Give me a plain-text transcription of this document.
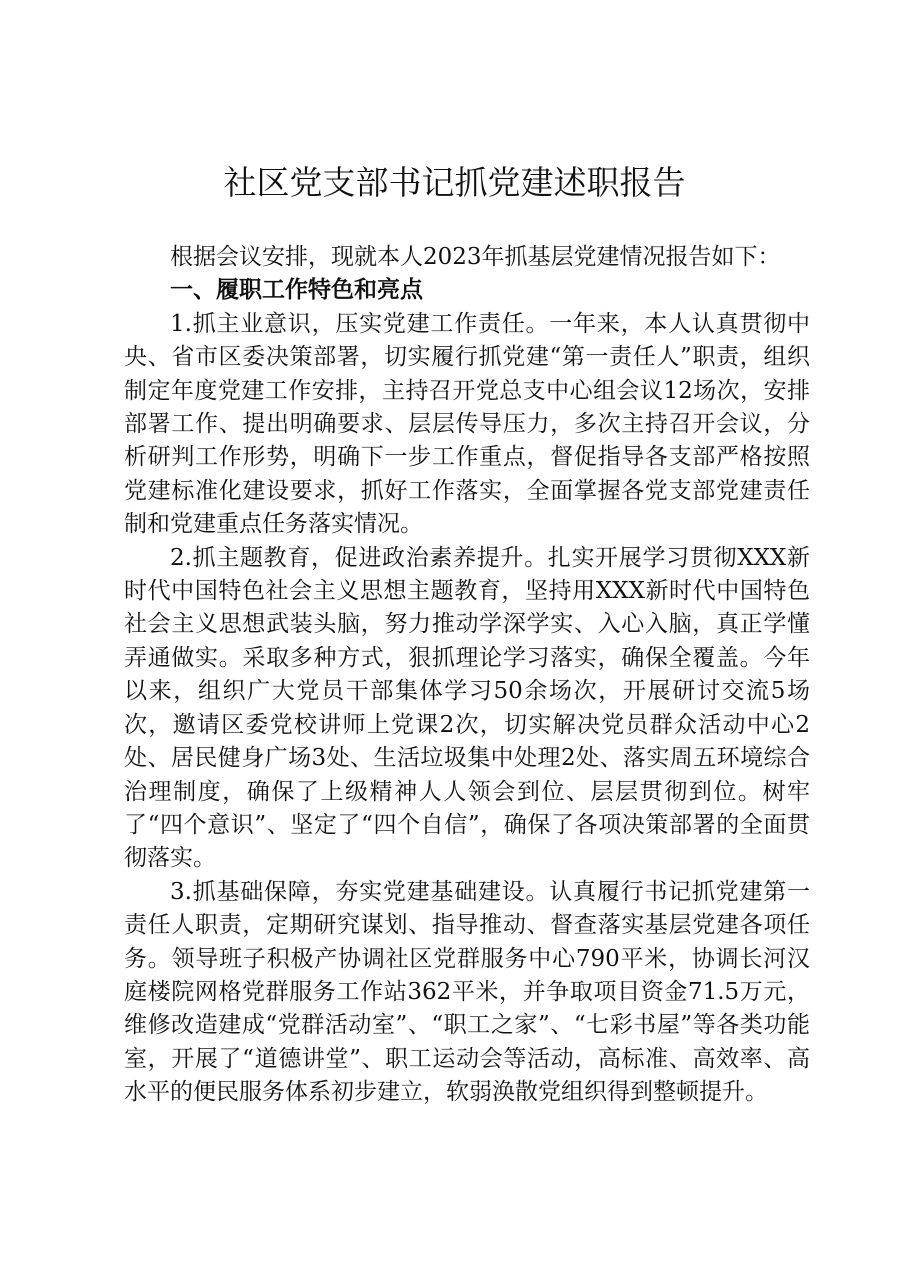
社区党支部书记抓党建述职报告

根据会议安排，现就本人2023年抓基层党建情况报告如下：

一、履职工作特色和亮点

1.抓主业意识，压实党建工作责任。一年来，本人认真贯彻中央、省市区委决策部署，切实履行抓党建“第一责任人”职责，组织制定年度党建工作安排，主持召开党总支中心组会议12场次，安排部署工作、提出明确要求、层层传导压力，多次主持召开会议，分析研判工作形势，明确下一步工作重点，督促指导各支部严格按照党建标准化建设要求，抓好工作落实，全面掌握各党支部党建责任制和党建重点任务落实情况。

2.抓主题教育，促进政治素养提升。扎实开展学习贯彻XXX新时代中国特色社会主义思想主题教育，坚持用XXX新时代中国特色社会主义思想武装头脑，努力推动学深学实、入心入脑，真正学懂弄通做实。采取多种方式，狠抓理论学习落实，确保全覆盖。今年以来，组织广大党员干部集体学习50余场次，开展研讨交流5场次，邀请区委党校讲师上党课2次，切实解决党员群众活动中心2处、居民健身广场3处、生活垃圾集中处理2处、落实周五环境综合治理制度，确保了上级精神人人领会到位、层层贯彻到位。树牢了“四个意识”、坚定了“四个自信”，确保了各项决策部署的全面贯彻落实。

3.抓基础保障，夯实党建基础建设。认真履行书记抓党建第一责任人职责，定期研究谋划、指导推动、督查落实基层党建各项任务。领导班子积极产协调社区党群服务中心790平米，协调长河汉庭楼院网格党群服务工作站362平米，并争取项目资金71.5万元，维修改造建成“党群活动室”、“职工之家”、“七彩书屋”等各类功能室，开展了“道德讲堂”、职工运动会等活动，高标准、高效率、高水平的便民服务体系初步建立，软弱涣散党组织得到整顿提升。
